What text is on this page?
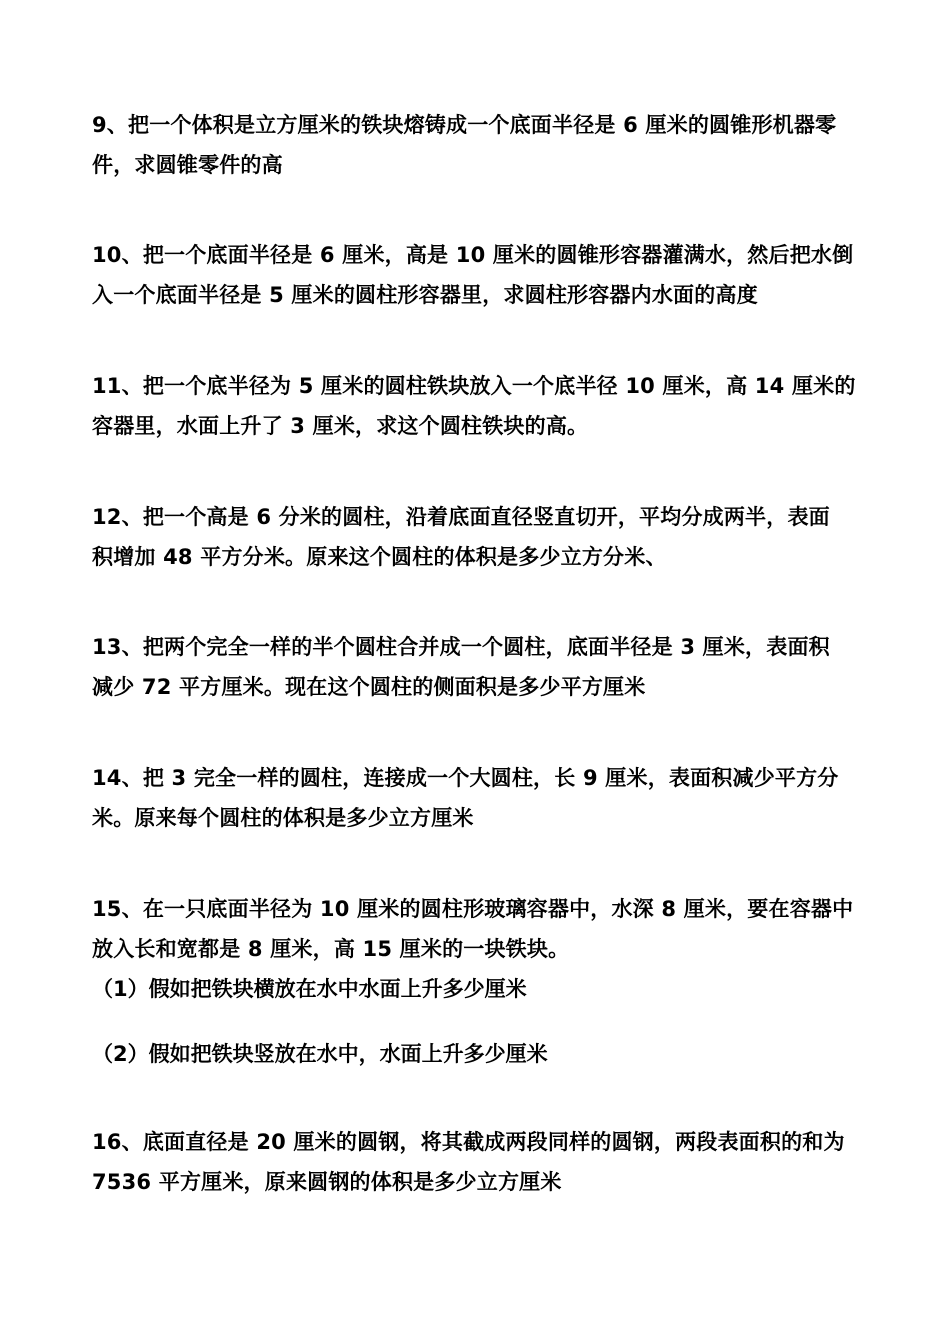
9、把一个体积是立方厘米的铁块熔铸成一个底面半径是 6 厘米的圆锥形机器零
件，求圆锥零件的高
10、把一个底面半径是 6 厘米，高是 10 厘米的圆锥形容器灌满水，然后把水倒
入一个底面半径是 5 厘米的圆柱形容器里，求圆柱形容器内水面的高度
11、把一个底半径为 5 厘米的圆柱铁块放入一个底半径 10 厘米，高 14 厘米的
容器里，水面上升了 3 厘米，求这个圆柱铁块的高。
12、把一个高是 6 分米的圆柱，沿着底面直径竖直切开，平均分成两半，表面
积增加 48 平方分米。原来这个圆柱的体积是多少立方分米、
13、把两个完全一样的半个圆柱合并成一个圆柱，底面半径是 3 厘米，表面积
减少 72 平方厘米。现在这个圆柱的侧面积是多少平方厘米
14、把 3 完全一样的圆柱，连接成一个大圆柱，长 9 厘米，表面积减少平方分
米。原来每个圆柱的体积是多少立方厘米
15、在一只底面半径为 10 厘米的圆柱形玻璃容器中，水深 8 厘米，要在容器中
放入长和宽都是 8 厘米，高 15 厘米的一块铁块。
（1）假如把铁块横放在水中水面上升多少厘米
（2）假如把铁块竖放在水中，水面上升多少厘米
16、底面直径是 20 厘米的圆钢，将其截成两段同样的圆钢，两段表面积的和为
7536 平方厘米，原来圆钢的体积是多少立方厘米
